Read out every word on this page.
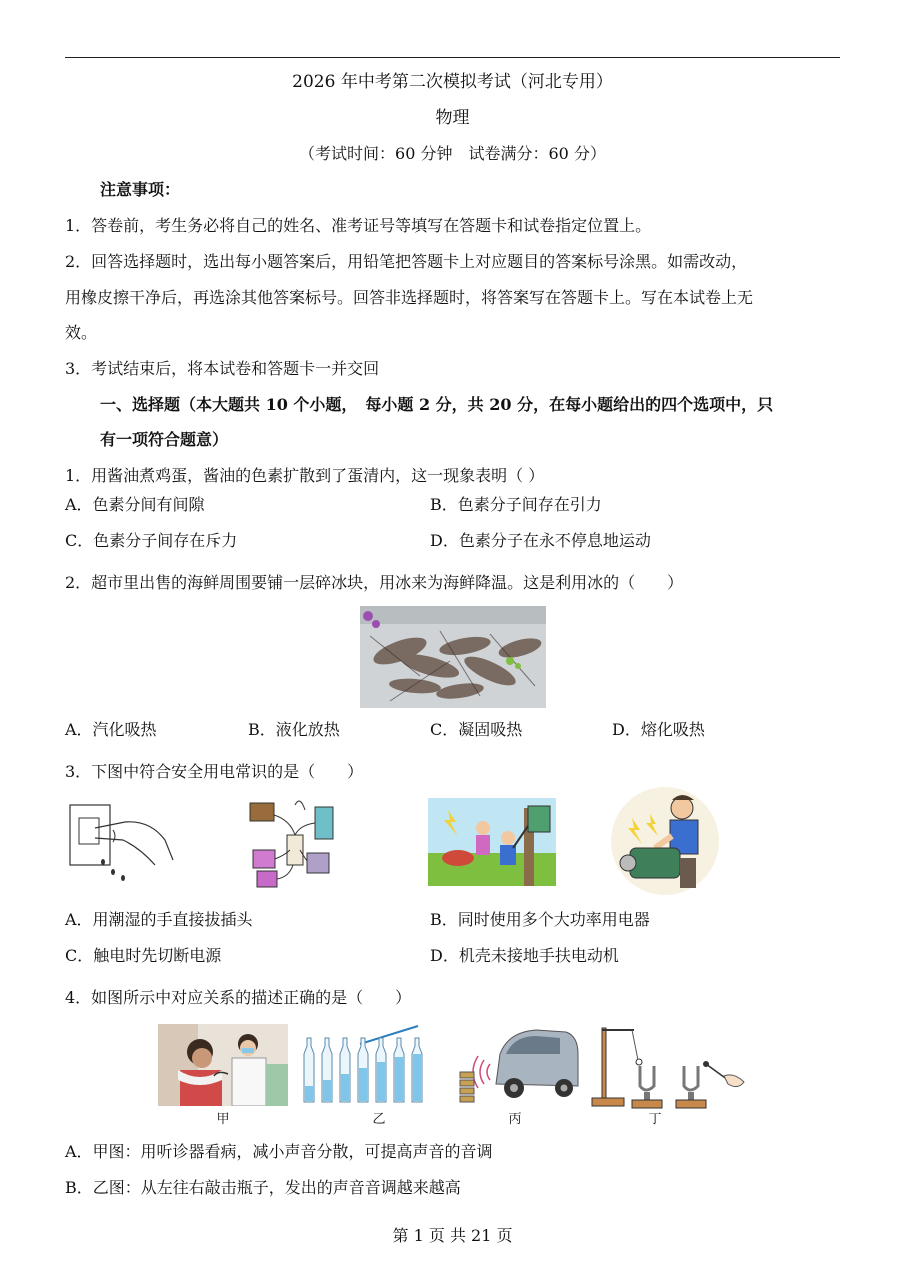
2026 年中考第二次模拟考试（河北专用）
物理
（考试时间：60 分钟　试卷满分：60 分）
注意事项：
1．答卷前，考生务必将自己的姓名、准考证号等填写在答题卡和试卷指定位置上。
2．回答选择题时，选出每小题答案后，用铅笔把答题卡上对应题目的答案标号涂黑。如需改动，
用橡皮擦干净后，再选涂其他答案标号。回答非选择题时，将答案写在答题卡上。写在本试卷上无
效。
3．考试结束后，将本试卷和答题卡一并交回
一、选择题（本大题共 10 个小题，　每小题 2 分，共 20 分，在每小题给出的四个选项中，只
有一项符合题意）
1．用酱油煮鸡蛋，酱油的色素扩散到了蛋清内，这一现象表明（ ）
A．色素分间有间隙	B．色素分子间存在引力
C．色素分子间存在斥力	D．色素分子在永不停息地运动
2．超市里出售的海鲜周围要铺一层碎冰块，用冰来为海鲜降温。这是利用冰的（　　）
A．汽化吸热	B．液化放热	C．凝固吸热	D．熔化吸热
3．下图中符合安全用电常识的是（　　）
A．用潮湿的手直接拔插头	B．同时使用多个大功率用电器
C．触电时先切断电源	D．机壳未接地手扶电动机
4．如图所示中对应关系的描述正确的是（　　）
甲	乙	丙	丁
A．甲图：用听诊器看病，减小声音分散，可提高声音的音调
B．乙图：从左往右敲击瓶子，发出的声音音调越来越高
第 1 页 共 21 页
